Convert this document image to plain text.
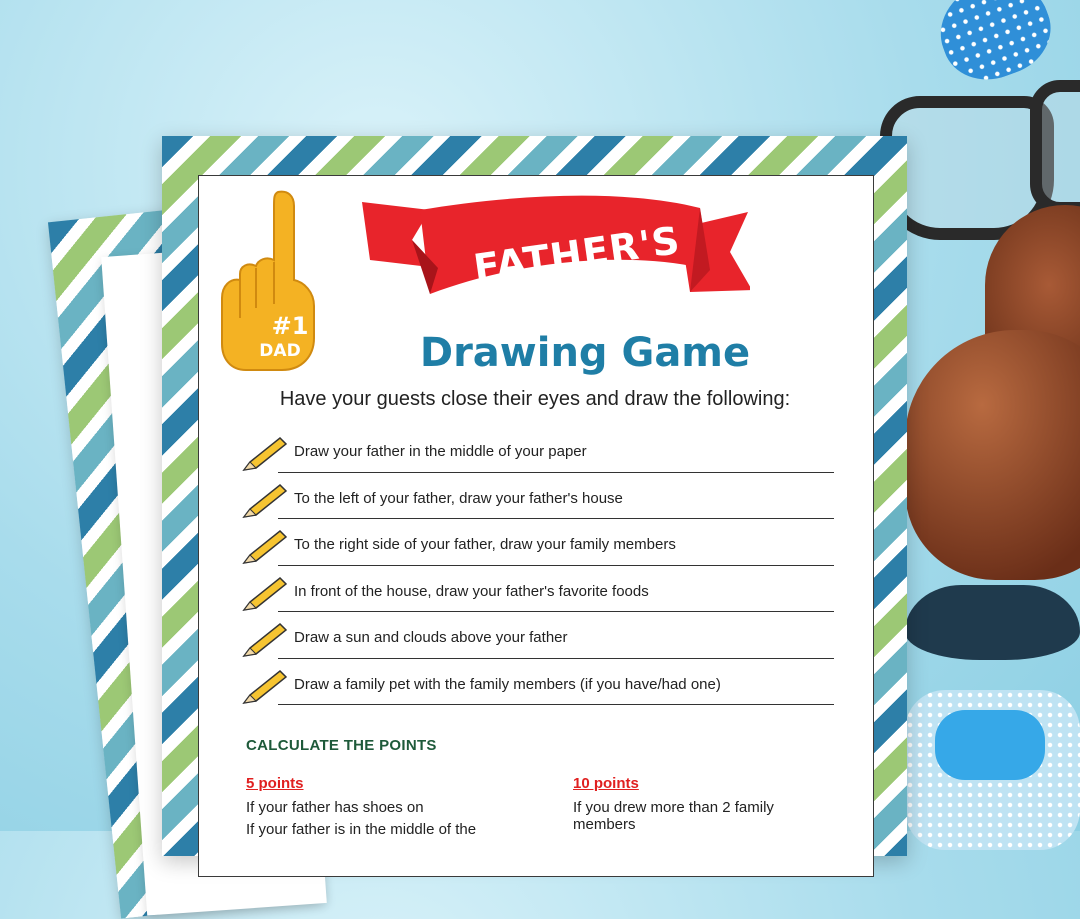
#1
DAD
FATHER'S DAY
Drawing Game
Have your guests close their eyes and draw the following:
Draw your father in the middle of your paper
To the left of your father, draw your father's house
To the right side of your father, draw your family members
In front of the house, draw your father's favorite foods
Draw a sun and clouds above your father
Draw a family pet with the family members (if you have/had one)
CALCULATE THE POINTS
5 points
If your father has shoes on
If your father is in the middle of the
10 points
If you drew more than 2 family
members
